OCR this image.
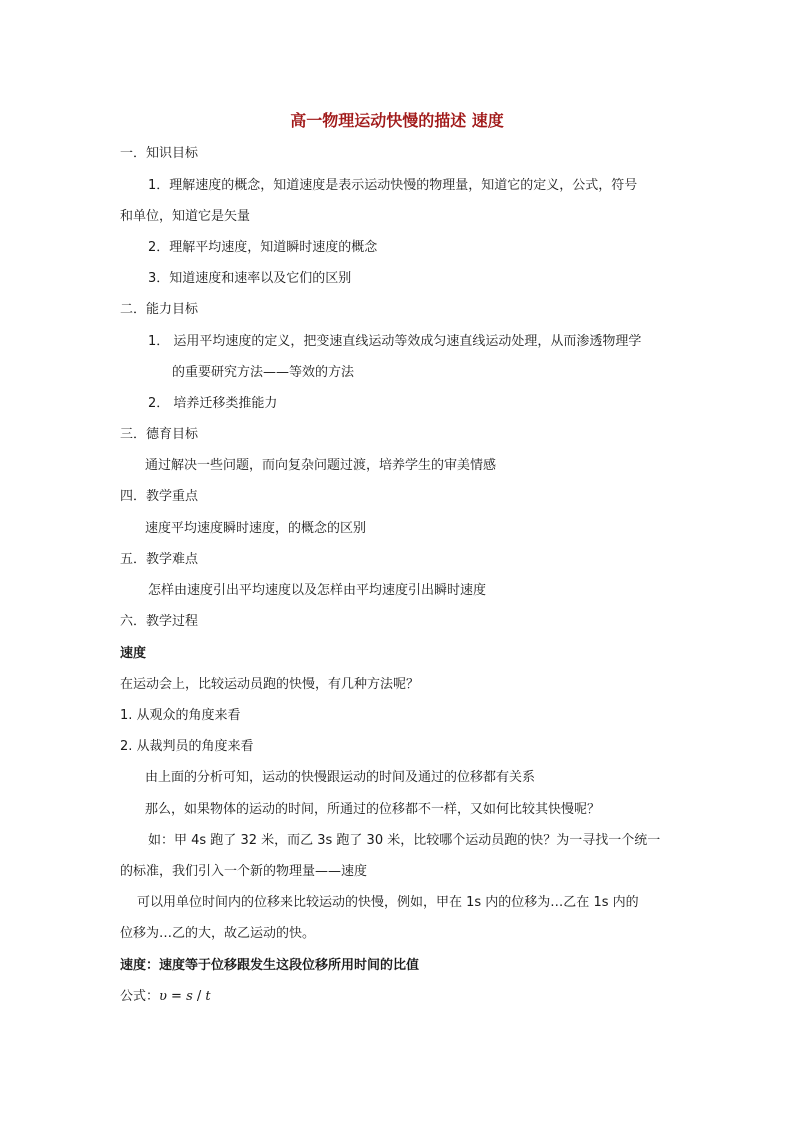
高一物理运动快慢的描述 速度
一．知识目标
1．理解速度的概念，知道速度是表示运动快慢的物理量，知道它的定义，公式，符号
和单位，知道它是矢量
2．理解平均速度，知道瞬时速度的概念
3．知道速度和速率以及它们的区别
二．能力目标
1． 运用平均速度的定义，把变速直线运动等效成匀速直线运动处理，从而渗透物理学
的重要研究方法——等效的方法
2． 培养迁移类推能力
三．德育目标
通过解决一些问题，而向复杂问题过渡，培养学生的审美情感
四．教学重点
速度平均速度瞬时速度，的概念的区别
五．教学难点
怎样由速度引出平均速度以及怎样由平均速度引出瞬时速度
六．教学过程
速度
在运动会上，比较运动员跑的快慢，有几种方法呢？
1. 从观众的角度来看
2. 从裁判员的角度来看
由上面的分析可知，运动的快慢跟运动的时间及通过的位移都有关系
那么，如果物体的运动的时间，所通过的位移都不一样，又如何比较其快慢呢？
如：甲 4s 跑了 32 米，而乙 3s 跑了 30 米，比较哪个运动员跑的快？为一寻找一个统一
的标准，我们引入一个新的物理量——速度
可以用单位时间内的位移来比较运动的快慢，例如，甲在 1s 内的位移为…乙在 1s 内的
位移为…乙的大，故乙运动的快。
速度：速度等于位移跟发生这段位移所用时间的比值
公式：υ = s / t
